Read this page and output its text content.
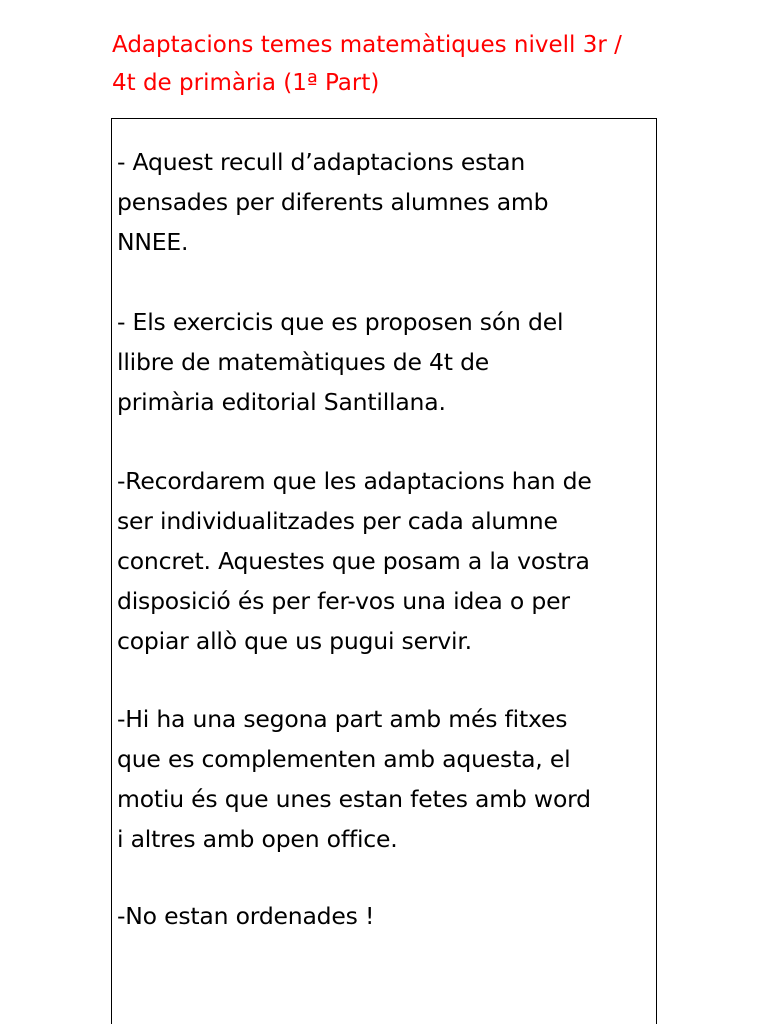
Adaptacions temes matemàtiques nivell 3r /
4t de primària (1ª Part)

- Aquest recull d’adaptacions estan
pensades per diferents alumnes amb
NNEE.

- Els exercicis que es proposen són del
llibre de matemàtiques de 4t de
primària editorial Santillana.

-Recordarem que les adaptacions han de
ser individualitzades per cada alumne
concret. Aquestes que posam a la vostra
disposició és per fer-vos una idea o per
copiar allò que us pugui servir.

-Hi ha una segona part amb més fitxes
que es complementen amb aquesta, el
motiu és que unes estan fetes amb word
i altres amb open office.

-No estan ordenades !
